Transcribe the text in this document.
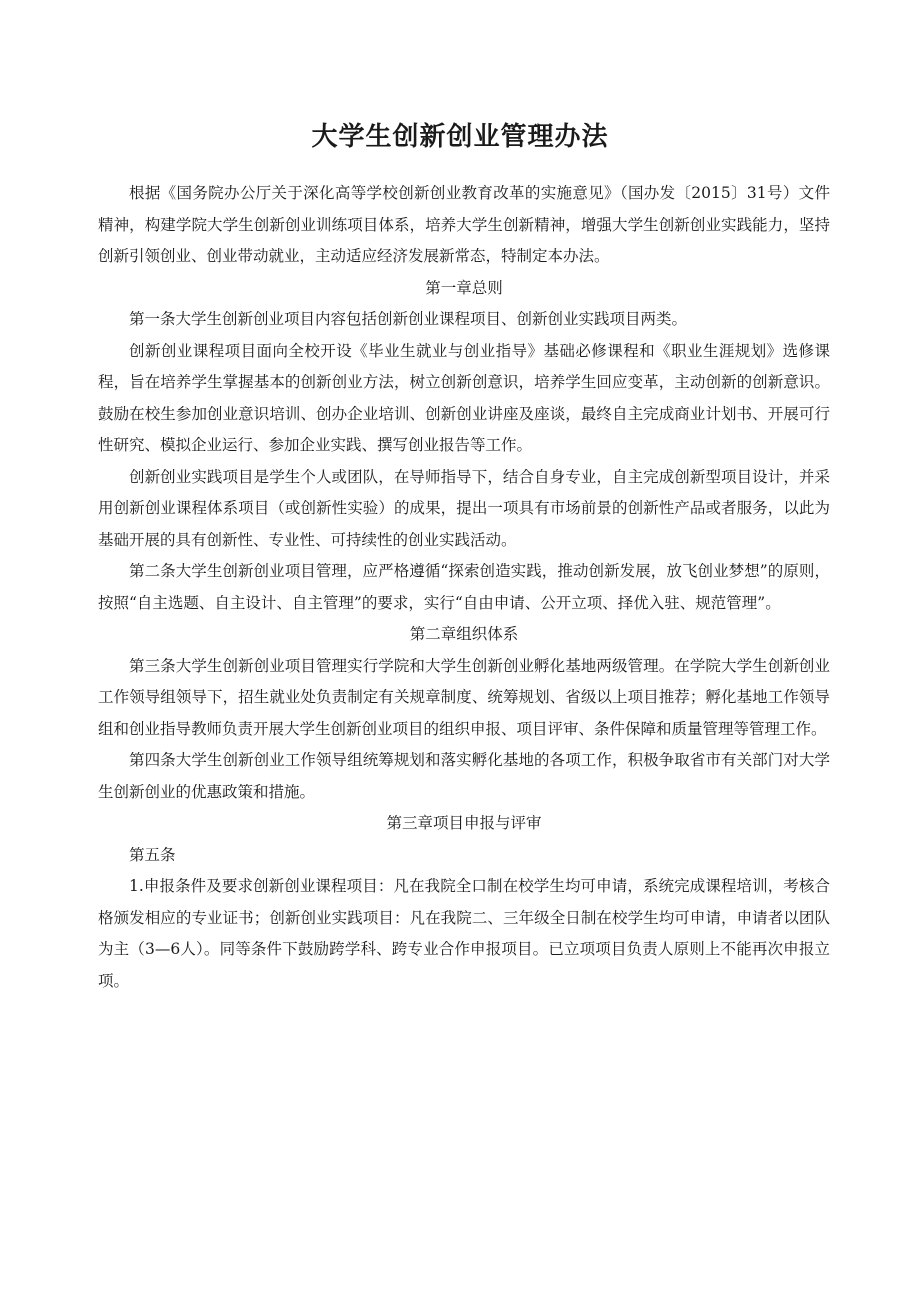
大学生创新创业管理办法

根据《国务院办公厅关于深化高等学校创新创业教育改革的实施意见》（国办发〔2015〕31号）文件精神，构建学院大学生创新创业训练项目体系，培养大学生创新精神，增强大学生创新创业实践能力，坚持创新引领创业、创业带动就业，主动适应经济发展新常态，特制定本办法。

第一章总则

第一条大学生创新创业项目内容包括创新创业课程项目、创新创业实践项目两类。

创新创业课程项目面向全校开设《毕业生就业与创业指导》基础必修课程和《职业生涯规划》选修课程，旨在培养学生掌握基本的创新创业方法，树立创新创意识，培养学生回应变革，主动创新的创新意识。鼓励在校生参加创业意识培训、创办企业培训、创新创业讲座及座谈，最终自主完成商业计划书、开展可行性研究、模拟企业运行、参加企业实践、撰写创业报告等工作。

创新创业实践项目是学生个人或团队，在导师指导下，结合自身专业，自主完成创新型项目设计，并采用创新创业课程体系项目（或创新性实验）的成果，提出一项具有市场前景的创新性产品或者服务，以此为基础开展的具有创新性、专业性、可持续性的创业实践活动。

第二条大学生创新创业项目管理，应严格遵循“探索创造实践，推动创新发展，放飞创业梦想”的原则，按照“自主选题、自主设计、自主管理”的要求，实行“自由申请、公开立项、择优入驻、规范管理”。

第二章组织体系

第三条大学生创新创业项目管理实行学院和大学生创新创业孵化基地两级管理。在学院大学生创新创业工作领导组领导下，招生就业处负责制定有关规章制度、统筹规划、省级以上项目推荐；孵化基地工作领导组和创业指导教师负责开展大学生创新创业项目的组织申报、项目评审、条件保障和质量管理等管理工作。

第四条大学生创新创业工作领导组统筹规划和落实孵化基地的各项工作，积极争取省市有关部门对大学生创新创业的优惠政策和措施。

第三章项目申报与评审

第五条

1.申报条件及要求创新创业课程项目：凡在我院全口制在校学生均可申请，系统完成课程培训，考核合格颁发相应的专业证书；创新创业实践项目：凡在我院二、三年级全日制在校学生均可申请，申请者以团队为主（3—6人）。同等条件下鼓励跨学科、跨专业合作申报项目。已立项项目负责人原则上不能再次申报立项。
